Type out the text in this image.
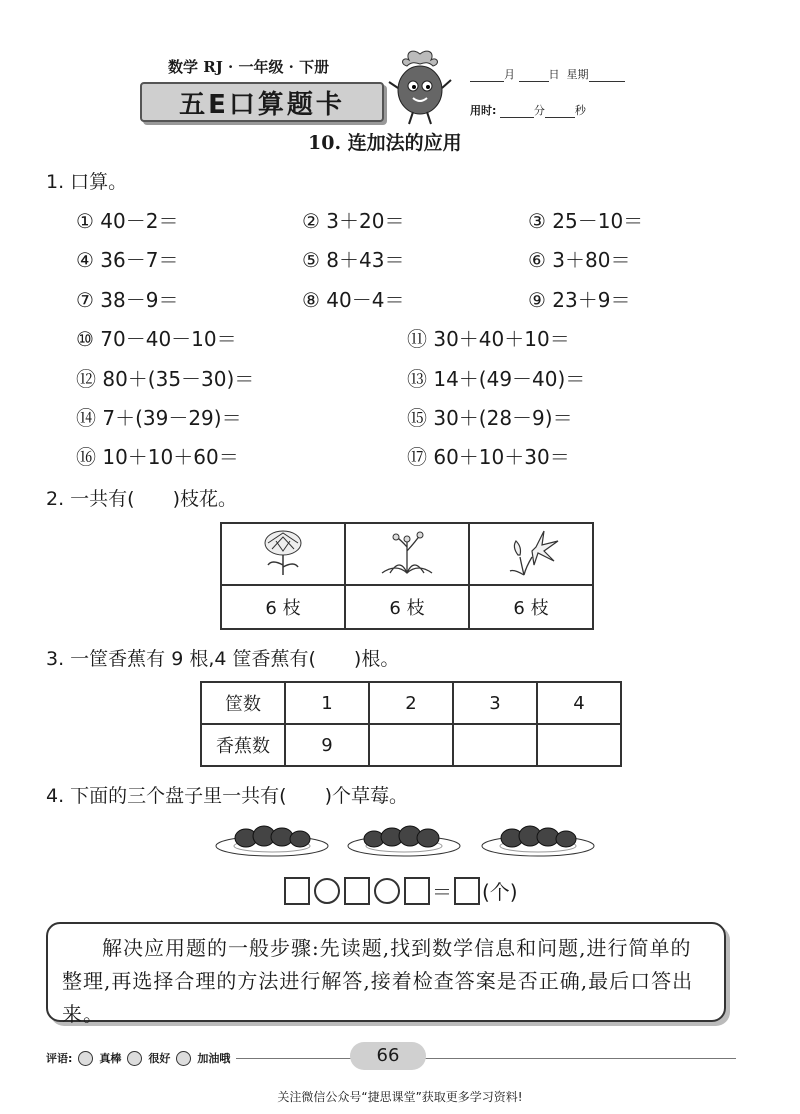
数学 RJ · 一年级 · 下册
五E口算题卡
月	日 星期
用时:	分	秒
10. 连加法的应用
1. 口算。
① 40－2＝	② 3＋20＝	③ 25－10＝
④ 36－7＝	⑤ 8＋43＝	⑥ 3＋80＝
⑦ 38－9＝	⑧ 40－4＝	⑨ 23＋9＝
⑩ 70－40－10＝	⑪ 30＋40＋10＝
⑫ 80＋(35－30)＝	⑬ 14＋(49－40)＝
⑭ 7＋(39－29)＝	⑮ 30＋(28－9)＝
⑯ 10＋10＋60＝	⑰ 60＋10＋30＝
2. 一共有(　　)枝花。

6 枝	6 枝	6 枝
3. 一筐香蕉有 9 根,4 筐香蕉有(　　)根。
筐数	1	2	3	4
香蕉数	9			
4. 下面的三个盘子里一共有(　　)个草莓。
＝ (个)

解决应用题的一般步骤:先读题,找到数学信息和问题,进行简单的整理,再选择合理的方法进行解答,接着检查答案是否正确,最后口答出来。

评语: 真棒 很好 加油哦	66
关注微信公众号“捷思课堂”获取更多学习资料!
